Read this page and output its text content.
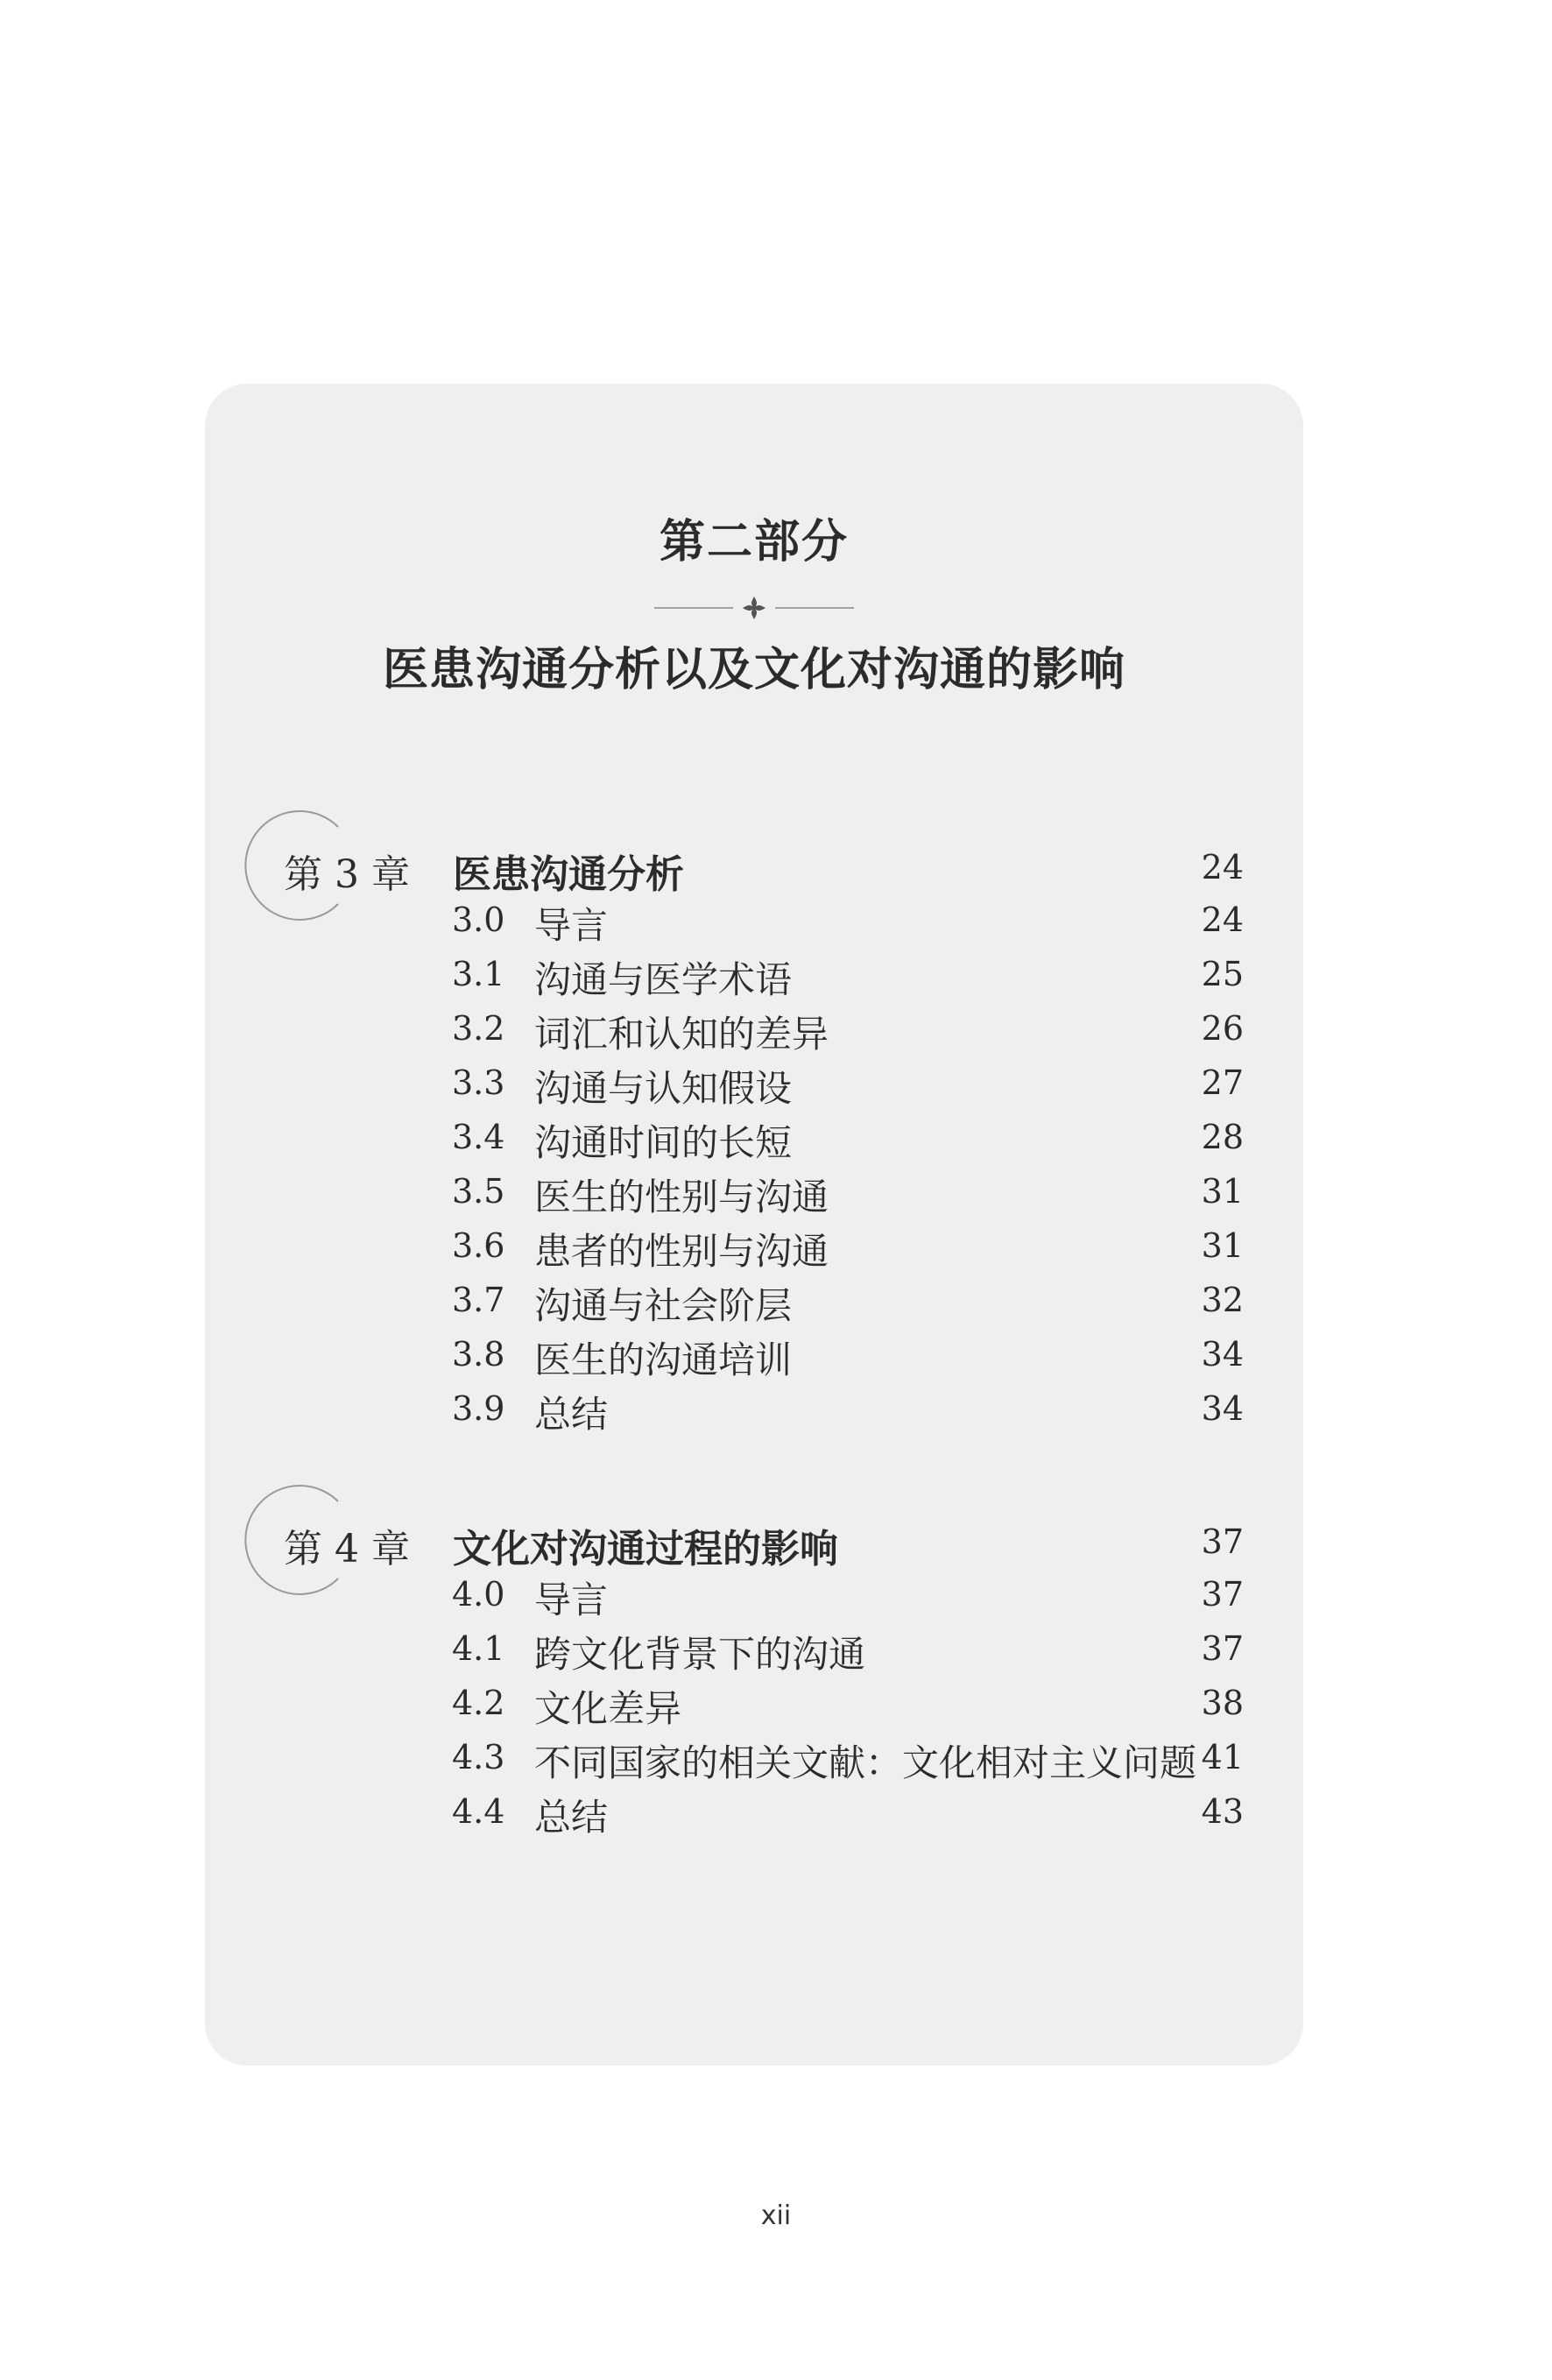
第二部分
医患沟通分析以及文化对沟通的影响
第 3 章 医患沟通分析	24
3.0 导言	24
3.1 沟通与医学术语	25
3.2 词汇和认知的差异	26
3.3 沟通与认知假设	27
3.4 沟通时间的长短	28
3.5 医生的性别与沟通	31
3.6 患者的性别与沟通	31
3.7 沟通与社会阶层	32
3.8 医生的沟通培训	34
3.9 总结	34
第 4 章 文化对沟通过程的影响	37
4.0 导言	37
4.1 跨文化背景下的沟通	37
4.2 文化差异	38
4.3 不同国家的相关文献：文化相对主义问题 41
4.4 总结	43
xii
